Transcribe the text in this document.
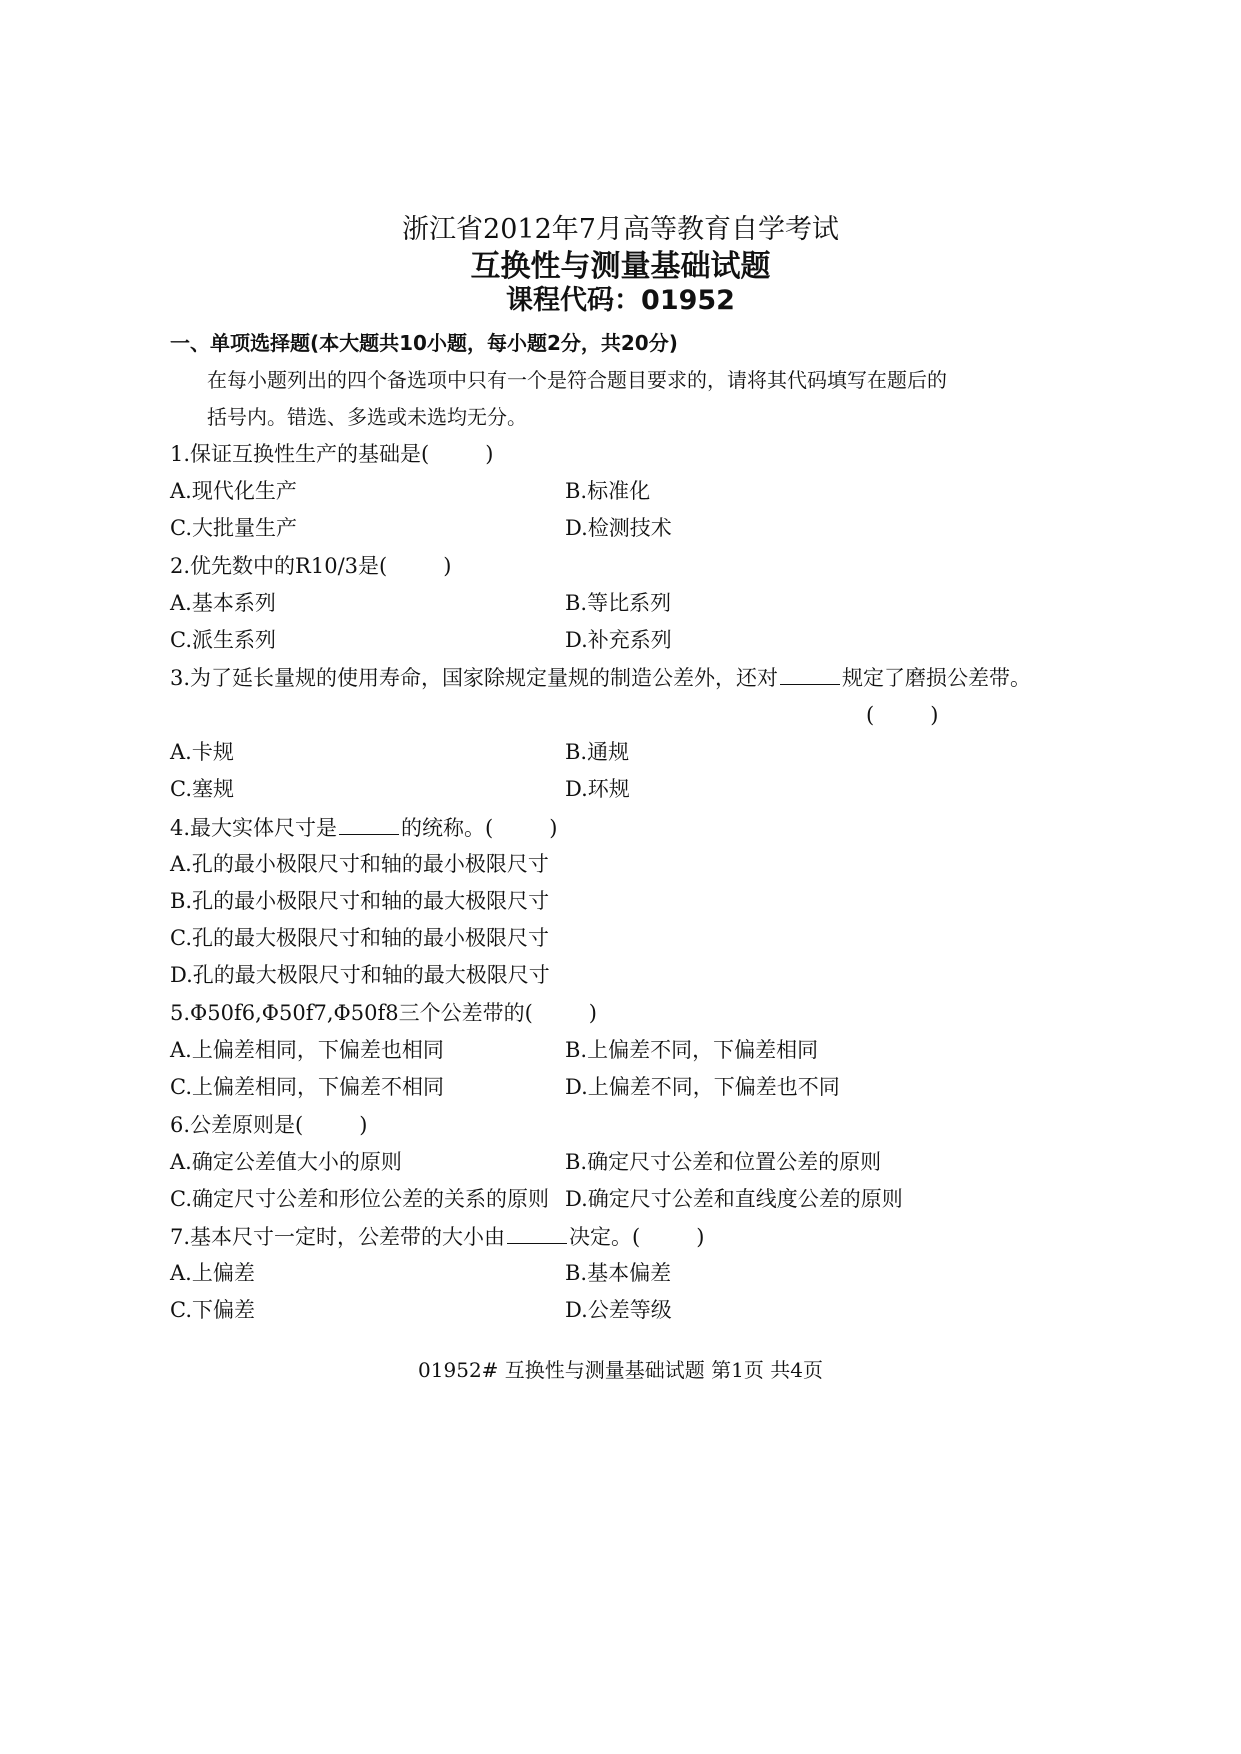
浙江省2012年7月高等教育自学考试
互换性与测量基础试题
课程代码：01952
一、单项选择题(本大题共10小题，每小题2分，共20分)
在每小题列出的四个备选项中只有一个是符合题目要求的，请将其代码填写在题后的
括号内。错选、多选或未选均无分。
1.保证互换性生产的基础是(	)
A.现代化生产	B.标准化
C.大批量生产	D.检测技术
2.优先数中的R10/3是(	)
A.基本系列	B.等比系列
C.派生系列	D.补充系列
3.为了延长量规的使用寿命，国家除规定量规的制造公差外，还对	规定了磨损公差带。
(	)
A.卡规	B.通规
C.塞规	D.环规
4.最大实体尺寸是	的统称。(	)
A.孔的最小极限尺寸和轴的最小极限尺寸
B.孔的最小极限尺寸和轴的最大极限尺寸
C.孔的最大极限尺寸和轴的最小极限尺寸
D.孔的最大极限尺寸和轴的最大极限尺寸
5.Φ50f6,Φ50f7,Φ50f8三个公差带的(	)
A.上偏差相同，下偏差也相同	B.上偏差不同，下偏差相同
C.上偏差相同，下偏差不相同	D.上偏差不同，下偏差也不同
6.公差原则是(	)
A.确定公差值大小的原则	B.确定尺寸公差和位置公差的原则
C.确定尺寸公差和形位公差的关系的原则 D.确定尺寸公差和直线度公差的原则
7.基本尺寸一定时，公差带的大小由	决定。(	)
A.上偏差	B.基本偏差
C.下偏差	D.公差等级
01952# 互换性与测量基础试题 第1页 共4页
